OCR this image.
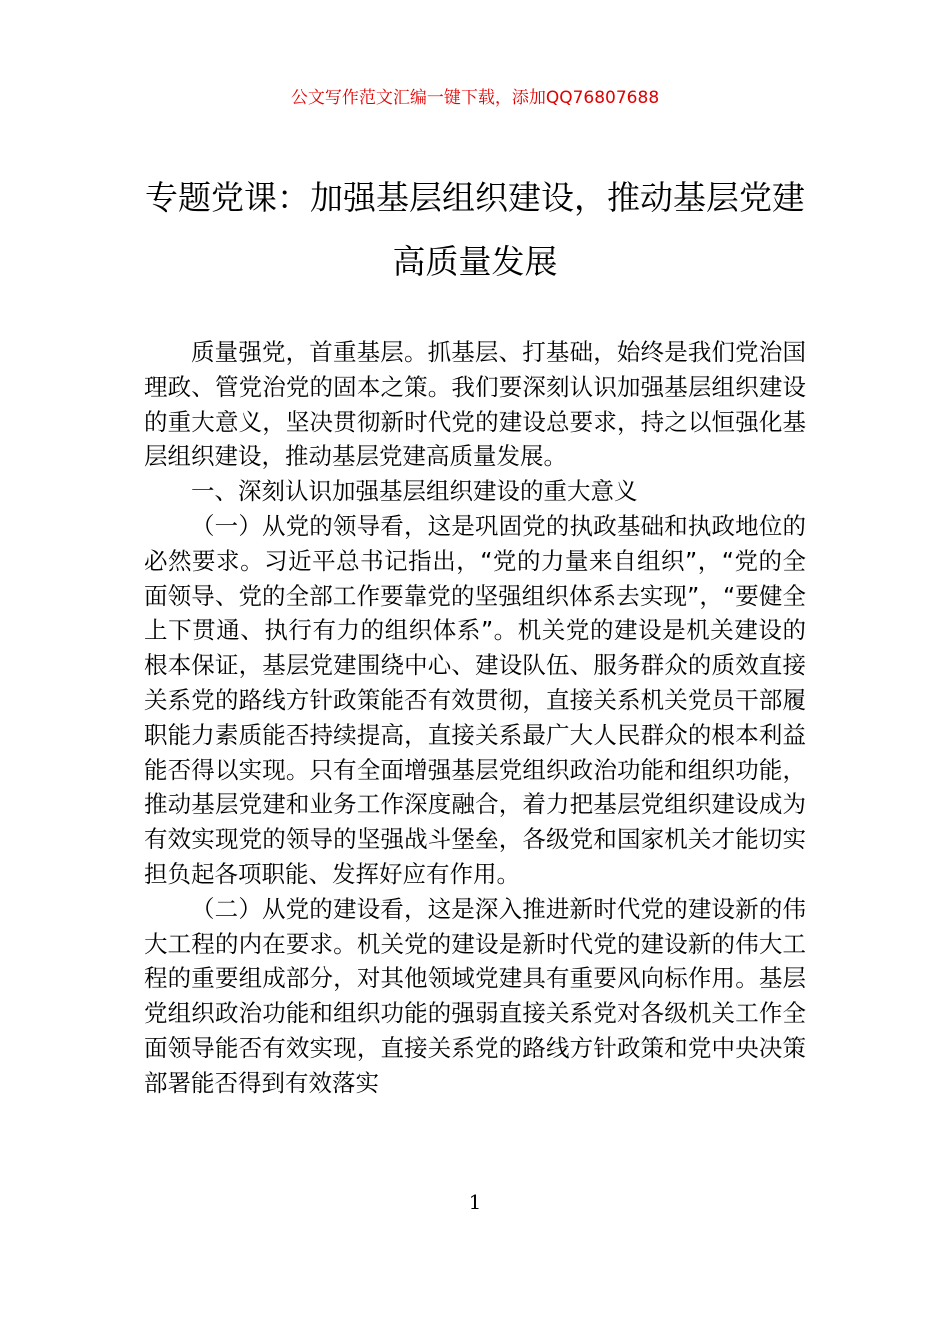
公文写作范文汇编一键下载，添加QQ76807688
专题党课：加强基层组织建设，推动基层党建高质量发展

质量强党，首重基层。抓基层、打基础，始终是我们党治国理政、管党治党的固本之策。我们要深刻认识加强基层组织建设的重大意义，坚决贯彻新时代党的建设总要求，持之以恒强化基层组织建设，推动基层党建高质量发展。

一、深刻认识加强基层组织建设的重大意义

（一）从党的领导看，这是巩固党的执政基础和执政地位的必然要求。习近平总书记指出，“党的力量来自组织”，“党的全面领导、党的全部工作要靠党的坚强组织体系去实现”，“要健全上下贯通、执行有力的组织体系”。机关党的建设是机关建设的根本保证，基层党建围绕中心、建设队伍、服务群众的质效直接关系党的路线方针政策能否有效贯彻，直接关系机关党员干部履职能力素质能否持续提高，直接关系最广大人民群众的根本利益能否得以实现。只有全面增强基层党组织政治功能和组织功能，推动基层党建和业务工作深度融合，着力把基层党组织建设成为有效实现党的领导的坚强战斗堡垒，各级党和国家机关才能切实担负起各项职能、发挥好应有作用。

（二）从党的建设看，这是深入推进新时代党的建设新的伟大工程的内在要求。机关党的建设是新时代党的建设新的伟大工程的重要组成部分，对其他领域党建具有重要风向标作用。基层党组织政治功能和组织功能的强弱直接关系党对各级机关工作全面领导能否有效实现，直接关系党的路线方针政策和党中央决策部署能否得到有效落实

1
